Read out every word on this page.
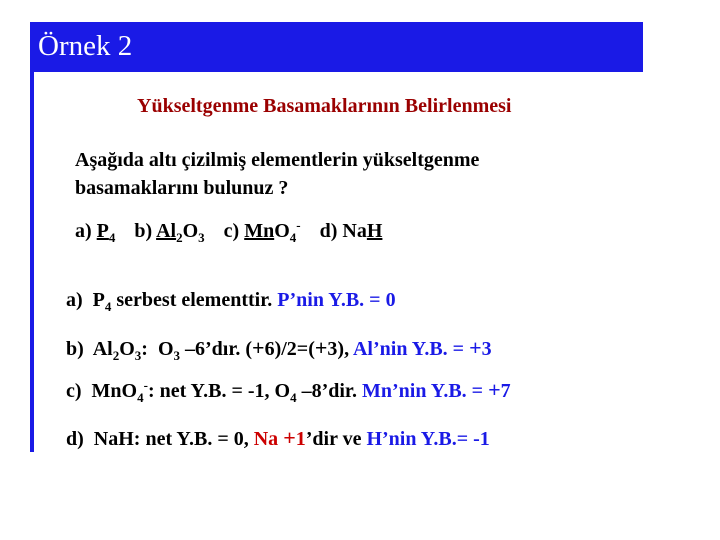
Örnek 2
Yükseltgenme Basamaklarının Belirlenmesi
Aşağıda altı çizilmiş elementlerin yükseltgenme
basamaklarını bulunuz ?
a) $P_4$ b) $Al_2O_3$ c) MnO$_4$- d) NaH
a) $P_4$ serbest elementtir. P’nin Y.B. = 0
b) $Al_2O_3$: $O_3$ –6’dır. (+6)/2=(+3), Al’nin Y.B. = +3
c) MnO$_4$-: net Y.B. = -1, $O_4$ –8’dir. Mn’nin Y.B. = +7
d) NaH: net Y.B. = 0, Na +1’dir ve H’nin Y.B.= -1
